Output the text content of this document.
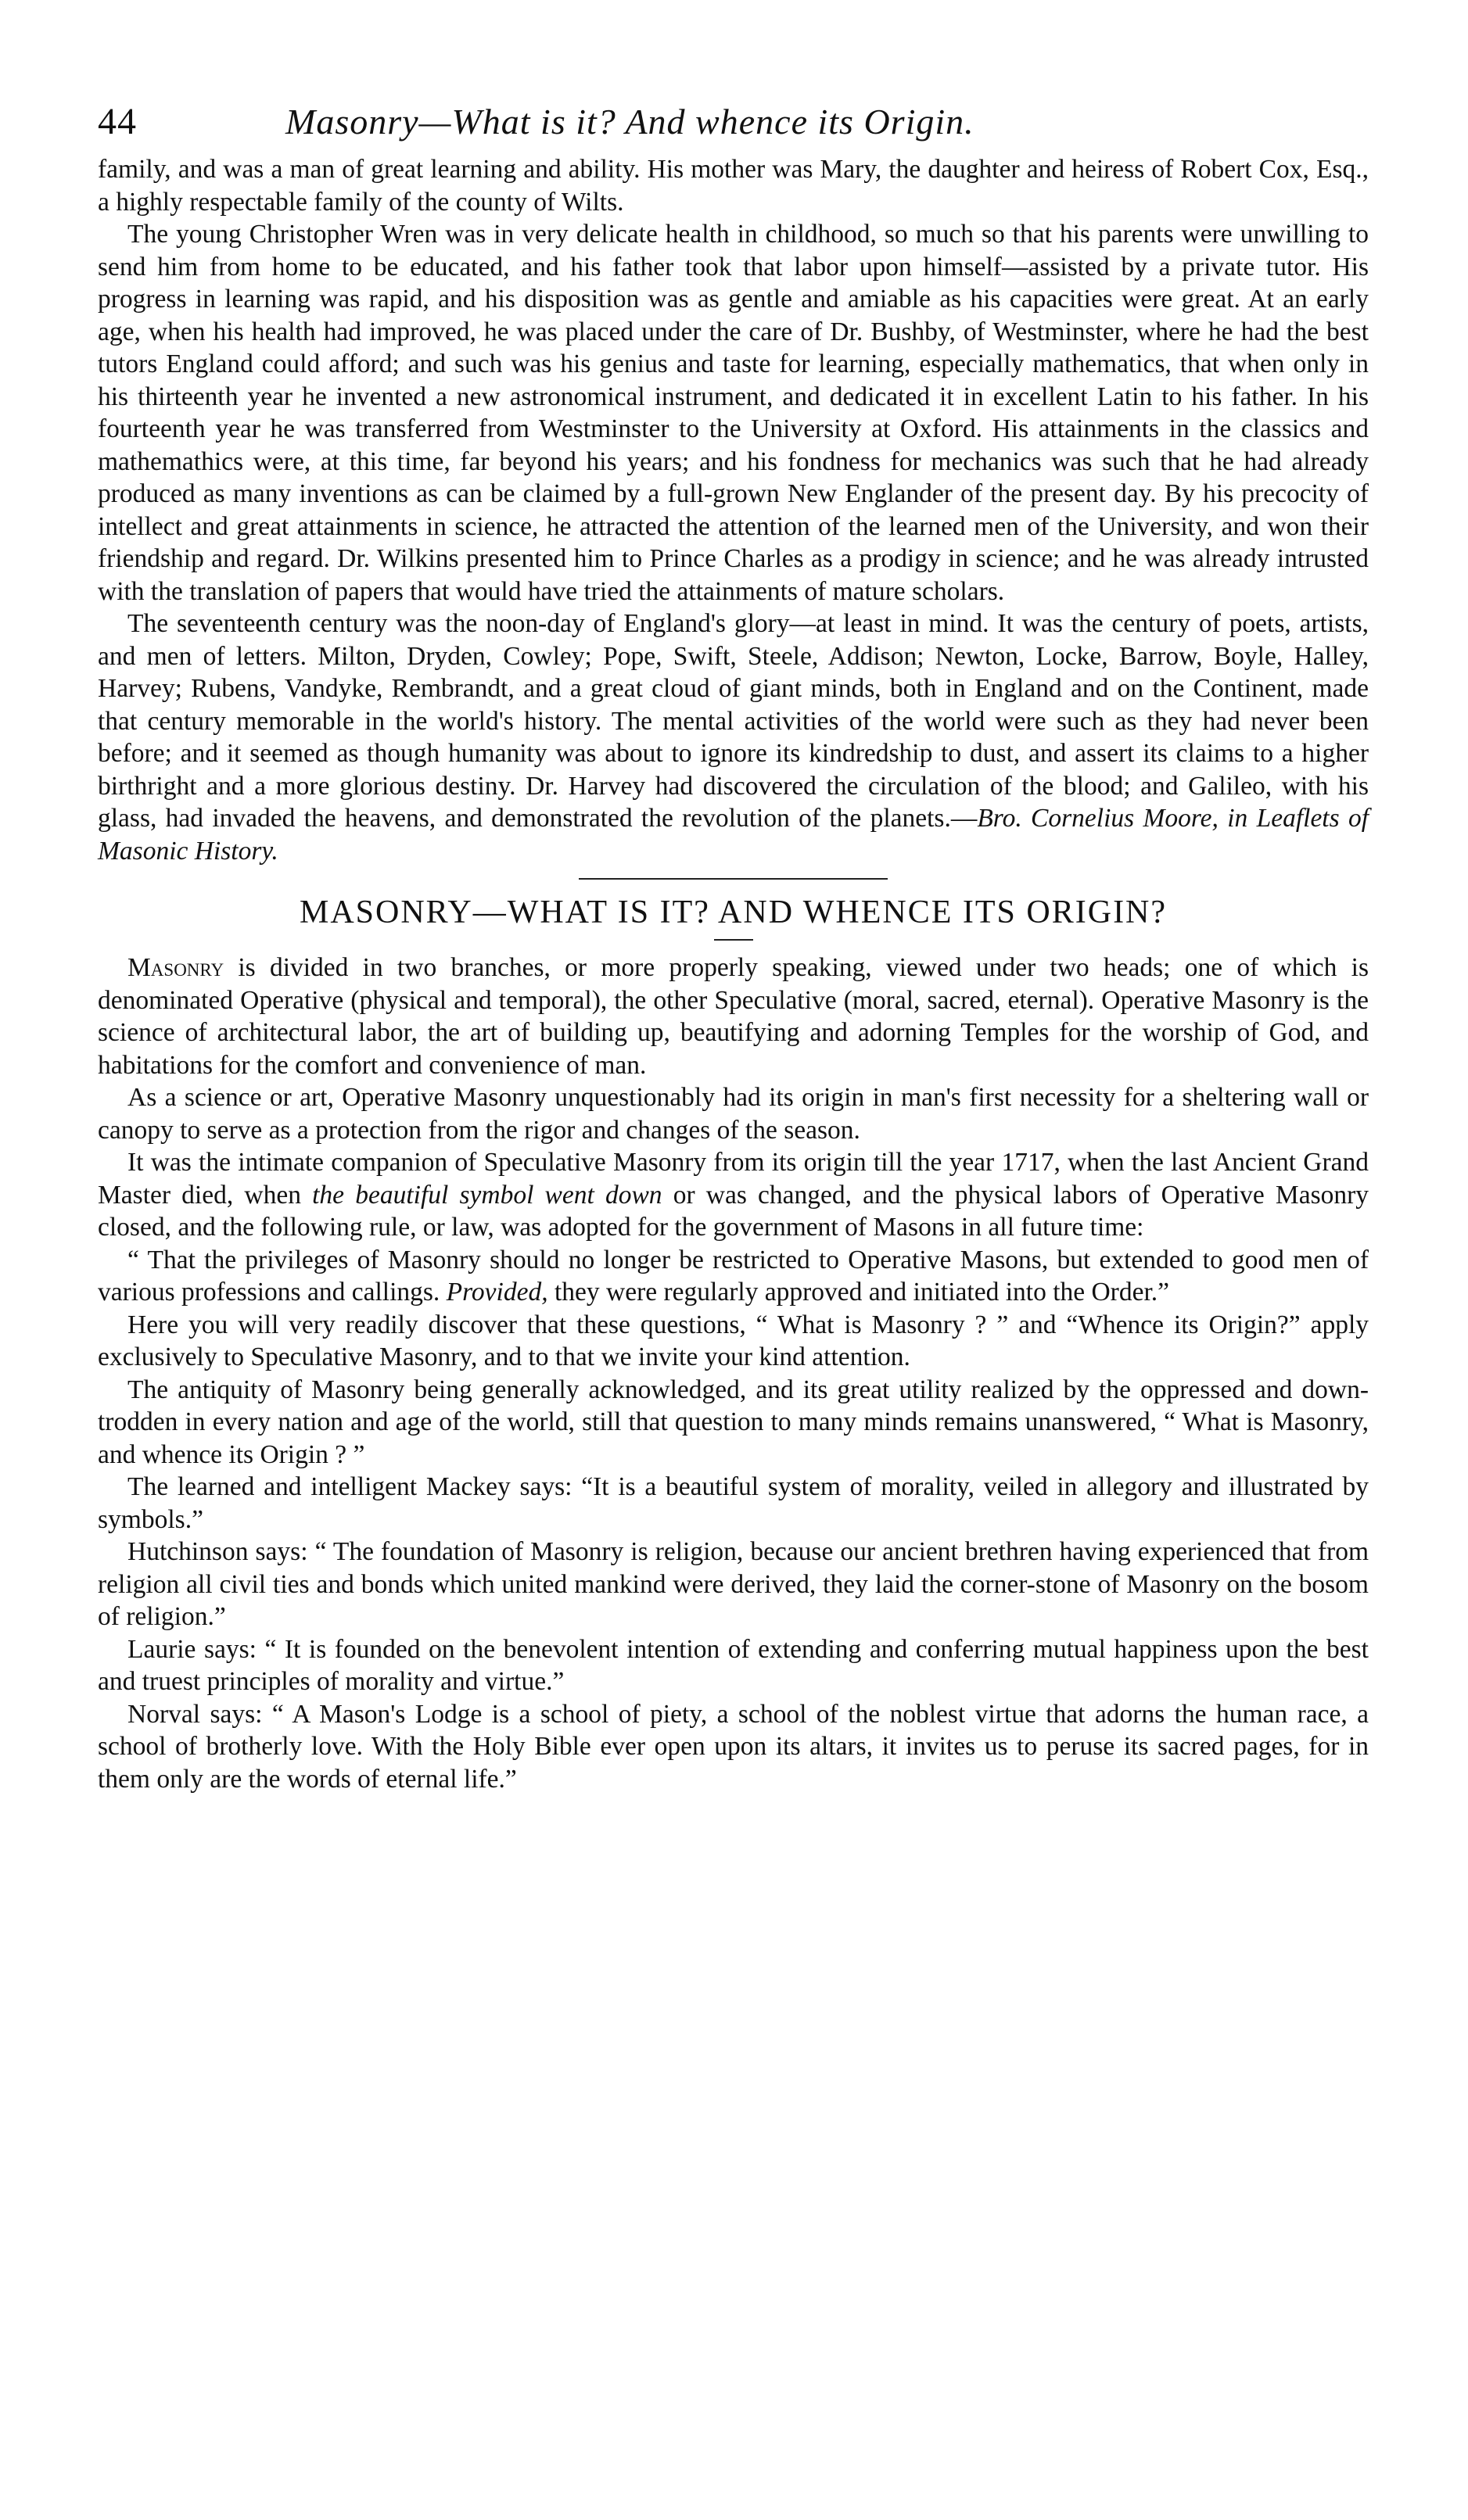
44	Masonry—What is it? And whence its Origin.

family, and was a man of great learning and ability. His mother was Mary, the daughter and heiress of Robert Cox, Esq., a highly respectable family of the county of Wilts.

The young Christopher Wren was in very delicate health in childhood, so much so that his parents were unwilling to send him from home to be educated, and his father took that labor upon himself—assisted by a private tutor. His progress in learning was rapid, and his disposition was as gentle and amiable as his capacities were great. At an early age, when his health had improved, he was placed under the care of Dr. Bushby, of Westminster, where he had the best tutors England could afford; and such was his genius and taste for learning, especially mathematics, that when only in his thirteenth year he invented a new astronomical instrument, and dedicated it in excellent Latin to his father. In his fourteenth year he was transferred from Westminster to the University at Oxford. His attainments in the classics and mathemathics were, at this time, far beyond his years; and his fondness for mechanics was such that he had already produced as many inventions as can be claimed by a full-grown New Englander of the present day. By his precocity of intellect and great attainments in science, he attracted the attention of the learned men of the University, and won their friendship and regard. Dr. Wilkins presented him to Prince Charles as a prodigy in science; and he was already intrusted with the translation of papers that would have tried the attainments of mature scholars.

The seventeenth century was the noon-day of England's glory—at least in mind. It was the century of poets, artists, and men of letters. Milton, Dryden, Cowley; Pope, Swift, Steele, Addison; Newton, Locke, Barrow, Boyle, Halley, Harvey; Rubens, Vandyke, Rembrandt, and a great cloud of giant minds, both in England and on the Continent, made that century memorable in the world's history. The mental activities of the world were such as they had never been before; and it seemed as though humanity was about to ignore its kindredship to dust, and assert its claims to a higher birthright and a more glorious destiny. Dr. Harvey had discovered the circulation of the blood; and Galileo, with his glass, had invaded the heavens, and demonstrated the revolution of the planets.—Bro. Cornelius Moore, in Leaflets of Masonic History.

MASONRY—WHAT IS IT? AND WHENCE ITS ORIGIN?

Masonry is divided in two branches, or more properly speaking, viewed under two heads; one of which is denominated Operative (physical and temporal), the other Speculative (moral, sacred, eternal). Operative Masonry is the science of architectural labor, the art of building up, beautifying and adorning Temples for the worship of God, and habitations for the comfort and convenience of man.

As a science or art, Operative Masonry unquestionably had its origin in man's first necessity for a sheltering wall or canopy to serve as a protection from the rigor and changes of the season.

It was the intimate companion of Speculative Masonry from its origin till the year 1717, when the last Ancient Grand Master died, when the beautiful symbol went down or was changed, and the physical labors of Operative Masonry closed, and the following rule, or law, was adopted for the government of Masons in all future time:

“ That the privileges of Masonry should no longer be restricted to Operative Masons, but extended to good men of various professions and callings. Provided, they were regularly approved and initiated into the Order.”

Here you will very readily discover that these questions, “ What is Masonry ? ” and “Whence its Origin?” apply exclusively to Speculative Masonry, and to that we invite your kind attention.

The antiquity of Masonry being generally acknowledged, and its great utility realized by the oppressed and down-trodden in every nation and age of the world, still that question to many minds remains unanswered, “ What is Masonry, and whence its Origin ? ”

The learned and intelligent Mackey says: “It is a beautiful system of morality, veiled in allegory and illustrated by symbols.”

Hutchinson says: “ The foundation of Masonry is religion, because our ancient brethren having experienced that from religion all civil ties and bonds which united mankind were derived, they laid the corner-stone of Masonry on the bosom of religion.”

Laurie says: “ It is founded on the benevolent intention of extending and conferring mutual happiness upon the best and truest principles of morality and virtue.”

Norval says: “ A Mason's Lodge is a school of piety, a school of the noblest virtue that adorns the human race, a school of brotherly love. With the Holy Bible ever open upon its altars, it invites us to peruse its sacred pages, for in them only are the words of eternal life.”
